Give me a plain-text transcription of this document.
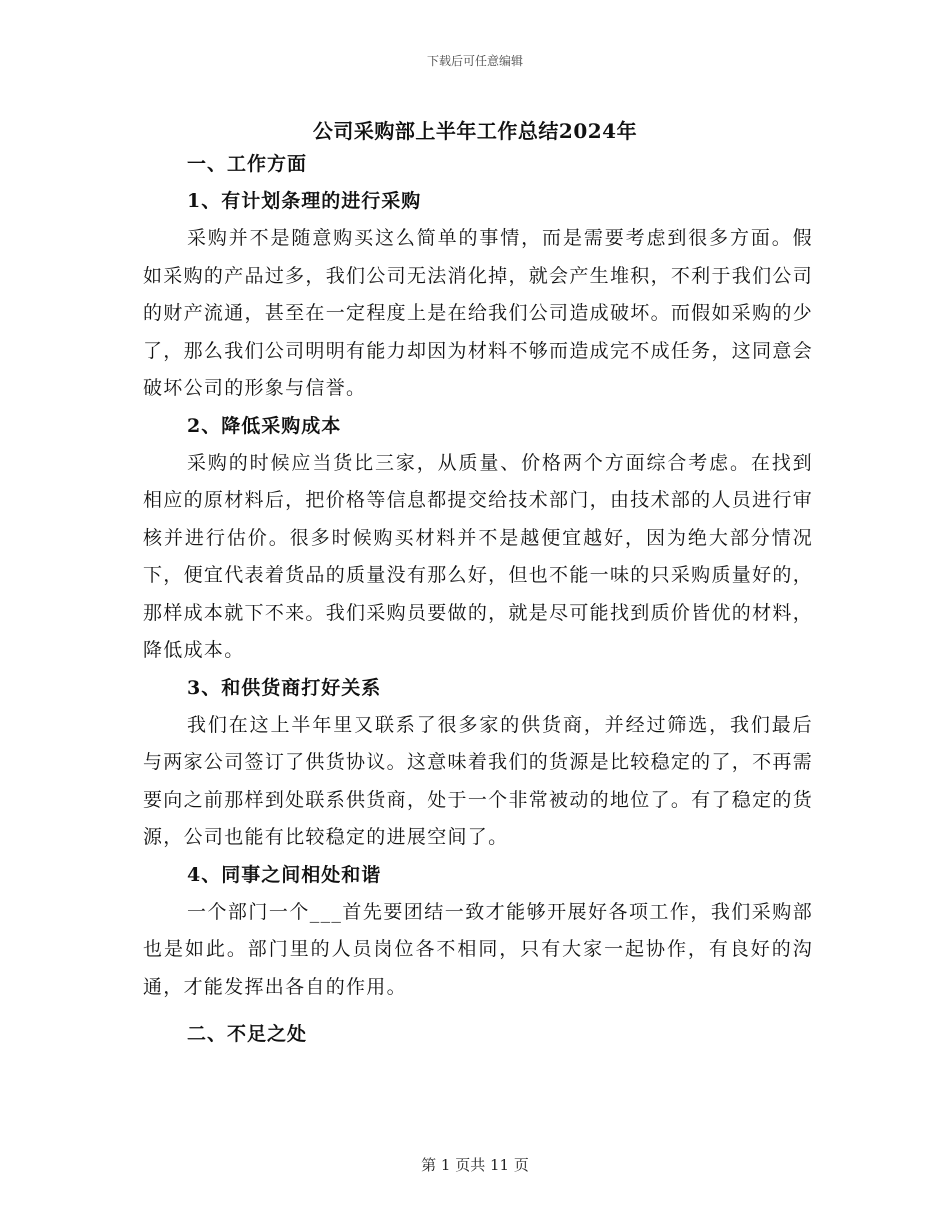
下载后可任意编辑
公司采购部上半年工作总结2024年
一、工作方面
1、有计划条理的进行采购

采购并不是随意购买这么简单的事情，而是需要考虑到很多方面。假如采购的产品过多，我们公司无法消化掉，就会产生堆积，不利于我们公司的财产流通，甚至在一定程度上是在给我们公司造成破坏。而假如采购的少了，那么我们公司明明有能力却因为材料不够而造成完不成任务，这同意会破坏公司的形象与信誉。

2、降低采购成本

采购的时候应当货比三家，从质量、价格两个方面综合考虑。在找到相应的原材料后，把价格等信息都提交给技术部门，由技术部的人员进行审核并进行估价。很多时候购买材料并不是越便宜越好，因为绝大部分情况下，便宜代表着货品的质量没有那么好，但也不能一味的只采购质量好的，那样成本就下不来。我们采购员要做的，就是尽可能找到质价皆优的材料，降低成本。

3、和供货商打好关系

我们在这上半年里又联系了很多家的供货商，并经过筛选，我们最后与两家公司签订了供货协议。这意味着我们的货源是比较稳定的了，不再需要向之前那样到处联系供货商，处于一个非常被动的地位了。有了稳定的货源，公司也能有比较稳定的进展空间了。

4、同事之间相处和谐

一个部门一个___首先要团结一致才能够开展好各项工作，我们采购部也是如此。部门里的人员岗位各不相同，只有大家一起协作，有良好的沟通，才能发挥出各自的作用。

二、不足之处
第 1 页共 11 页
